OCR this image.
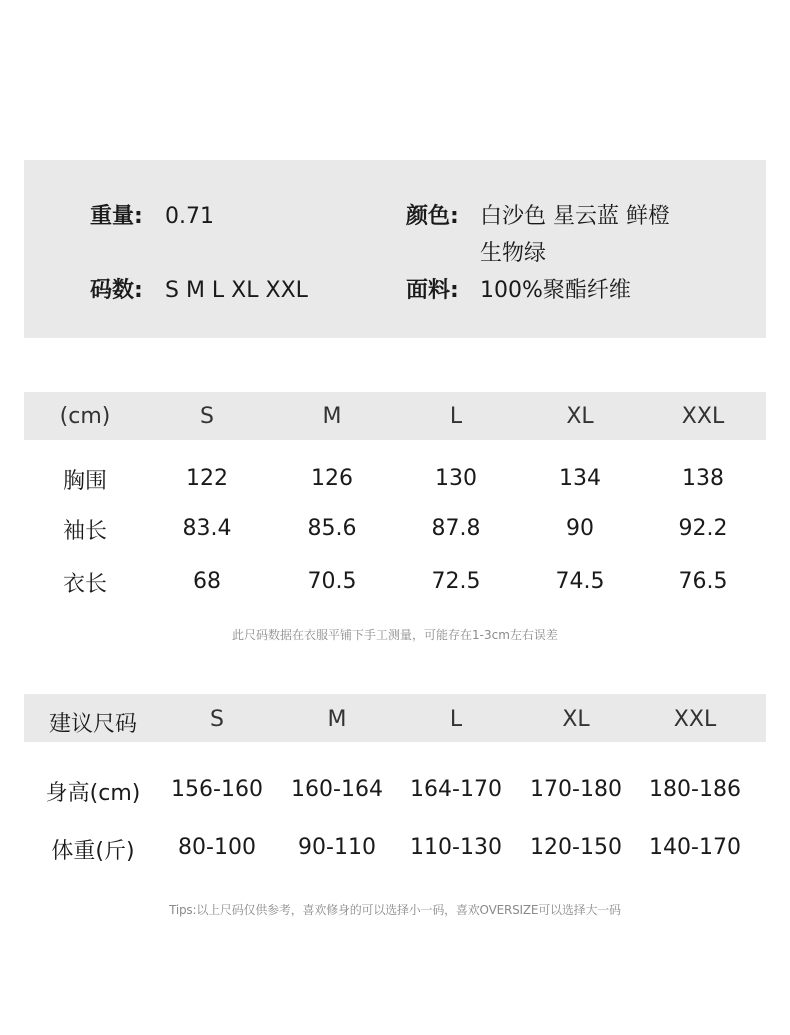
重量: 0.71	颜色: 白沙色 星云蓝 鲜橙 生物绿
码数: S M L XL XXL	面料: 100%聚酯纤维
(cm)	S	M	L	XL	XXL
胸围	122	126	130	134	138
袖长	83.4	85.6	87.8	90	92.2
衣长	68	70.5	72.5	74.5	76.5
此尺码数据在衣服平铺下手工测量，可能存在1-3cm左右误差
建议尺码	S	M	L	XL	XXL
身高(cm)	156-160	160-164	164-170	170-180	180-186
体重(斤)	80-100	90-110	110-130	120-150	140-170
Tips:以上尺码仅供参考，喜欢修身的可以选择小一码，喜欢OVERSIZE可以选择大一码
